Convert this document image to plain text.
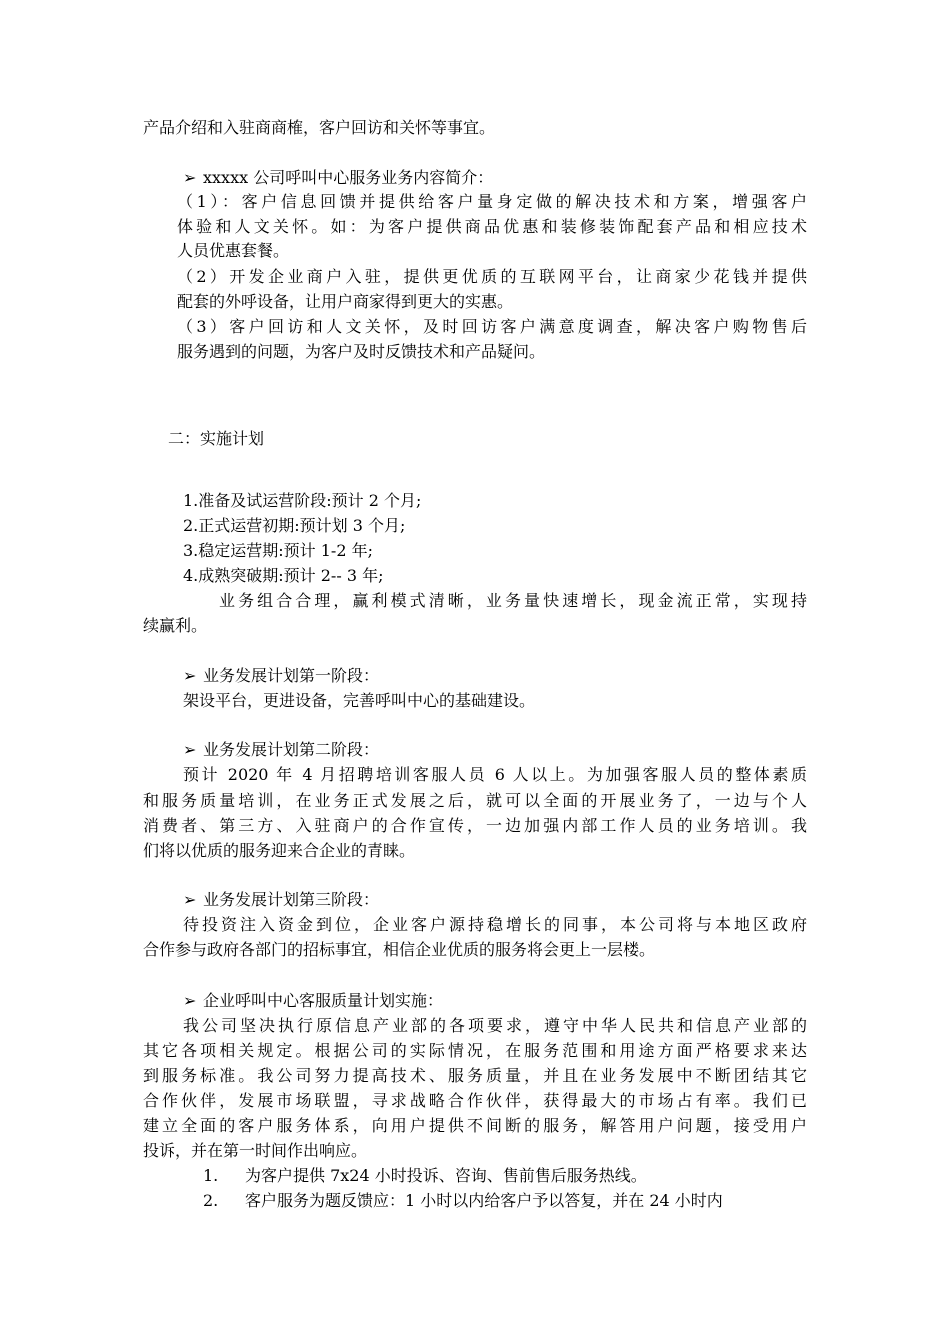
产品介绍和入驻商商榷，客户回访和关怀等事宜。

➢ xxxxx 公司呼叫中心服务业务内容简介：

（1）：客户信息回馈并提供给客户量身定做的解决技术和方案，增强客户

体验和人文关怀。如：为客户提供商品优惠和装修装饰配套产品和相应技术

人员优惠套餐。

（2）开发企业商户入驻，提供更优质的互联网平台，让商家少花钱并提供

配套的外呼设备，让用户商家得到更大的实惠。

（3）客户回访和人文关怀，及时回访客户满意度调查，解决客户购物售后

服务遇到的问题，为客户及时反馈技术和产品疑问。

二：实施计划

1.准备及试运营阶段:预计 2 个月;

2.正式运营初期:预计划 3 个月;

3.稳定运营期:预计 1-2 年;

4.成熟突破期:预计 2-- 3 年;

业务组合合理，赢利模式清晰，业务量快速增长，现金流正常，实现持

续赢利。

➢ 业务发展计划第一阶段：

架设平台，更进设备，完善呼叫中心的基础建设。

➢ 业务发展计划第二阶段：

预计 2020 年 4 月招聘培训客服人员 6 人以上。为加强客服人员的整体素质

和服务质量培训，在业务正式发展之后，就可以全面的开展业务了，一边与个人

消费者、第三方、入驻商户的合作宣传，一边加强内部工作人员的业务培训。我

们将以优质的服务迎来合企业的青睐。

➢ 业务发展计划第三阶段：

待投资注入资金到位，企业客户源持稳增长的同事，本公司将与本地区政府

合作参与政府各部门的招标事宜，相信企业优质的服务将会更上一层楼。

➢ 企业呼叫中心客服质量计划实施：

我公司坚决执行原信息产业部的各项要求，遵守中华人民共和信息产业部的

其它各项相关规定。根据公司的实际情况，在服务范围和用途方面严格要求来达

到服务标准。我公司努力提高技术、服务质量，并且在业务发展中不断团结其它

合作伙伴，发展市场联盟，寻求战略合作伙伴，获得最大的市场占有率。我们已

建立全面的客户服务体系，向用户提供不间断的服务，解答用户问题，接受用户

投诉，并在第一时间作出响应。

1. 为客户提供 7x24 小时投诉、咨询、售前售后服务热线。

2. 客户服务为题反馈应：1 小时以内给客户予以答复，并在 24 小时内
